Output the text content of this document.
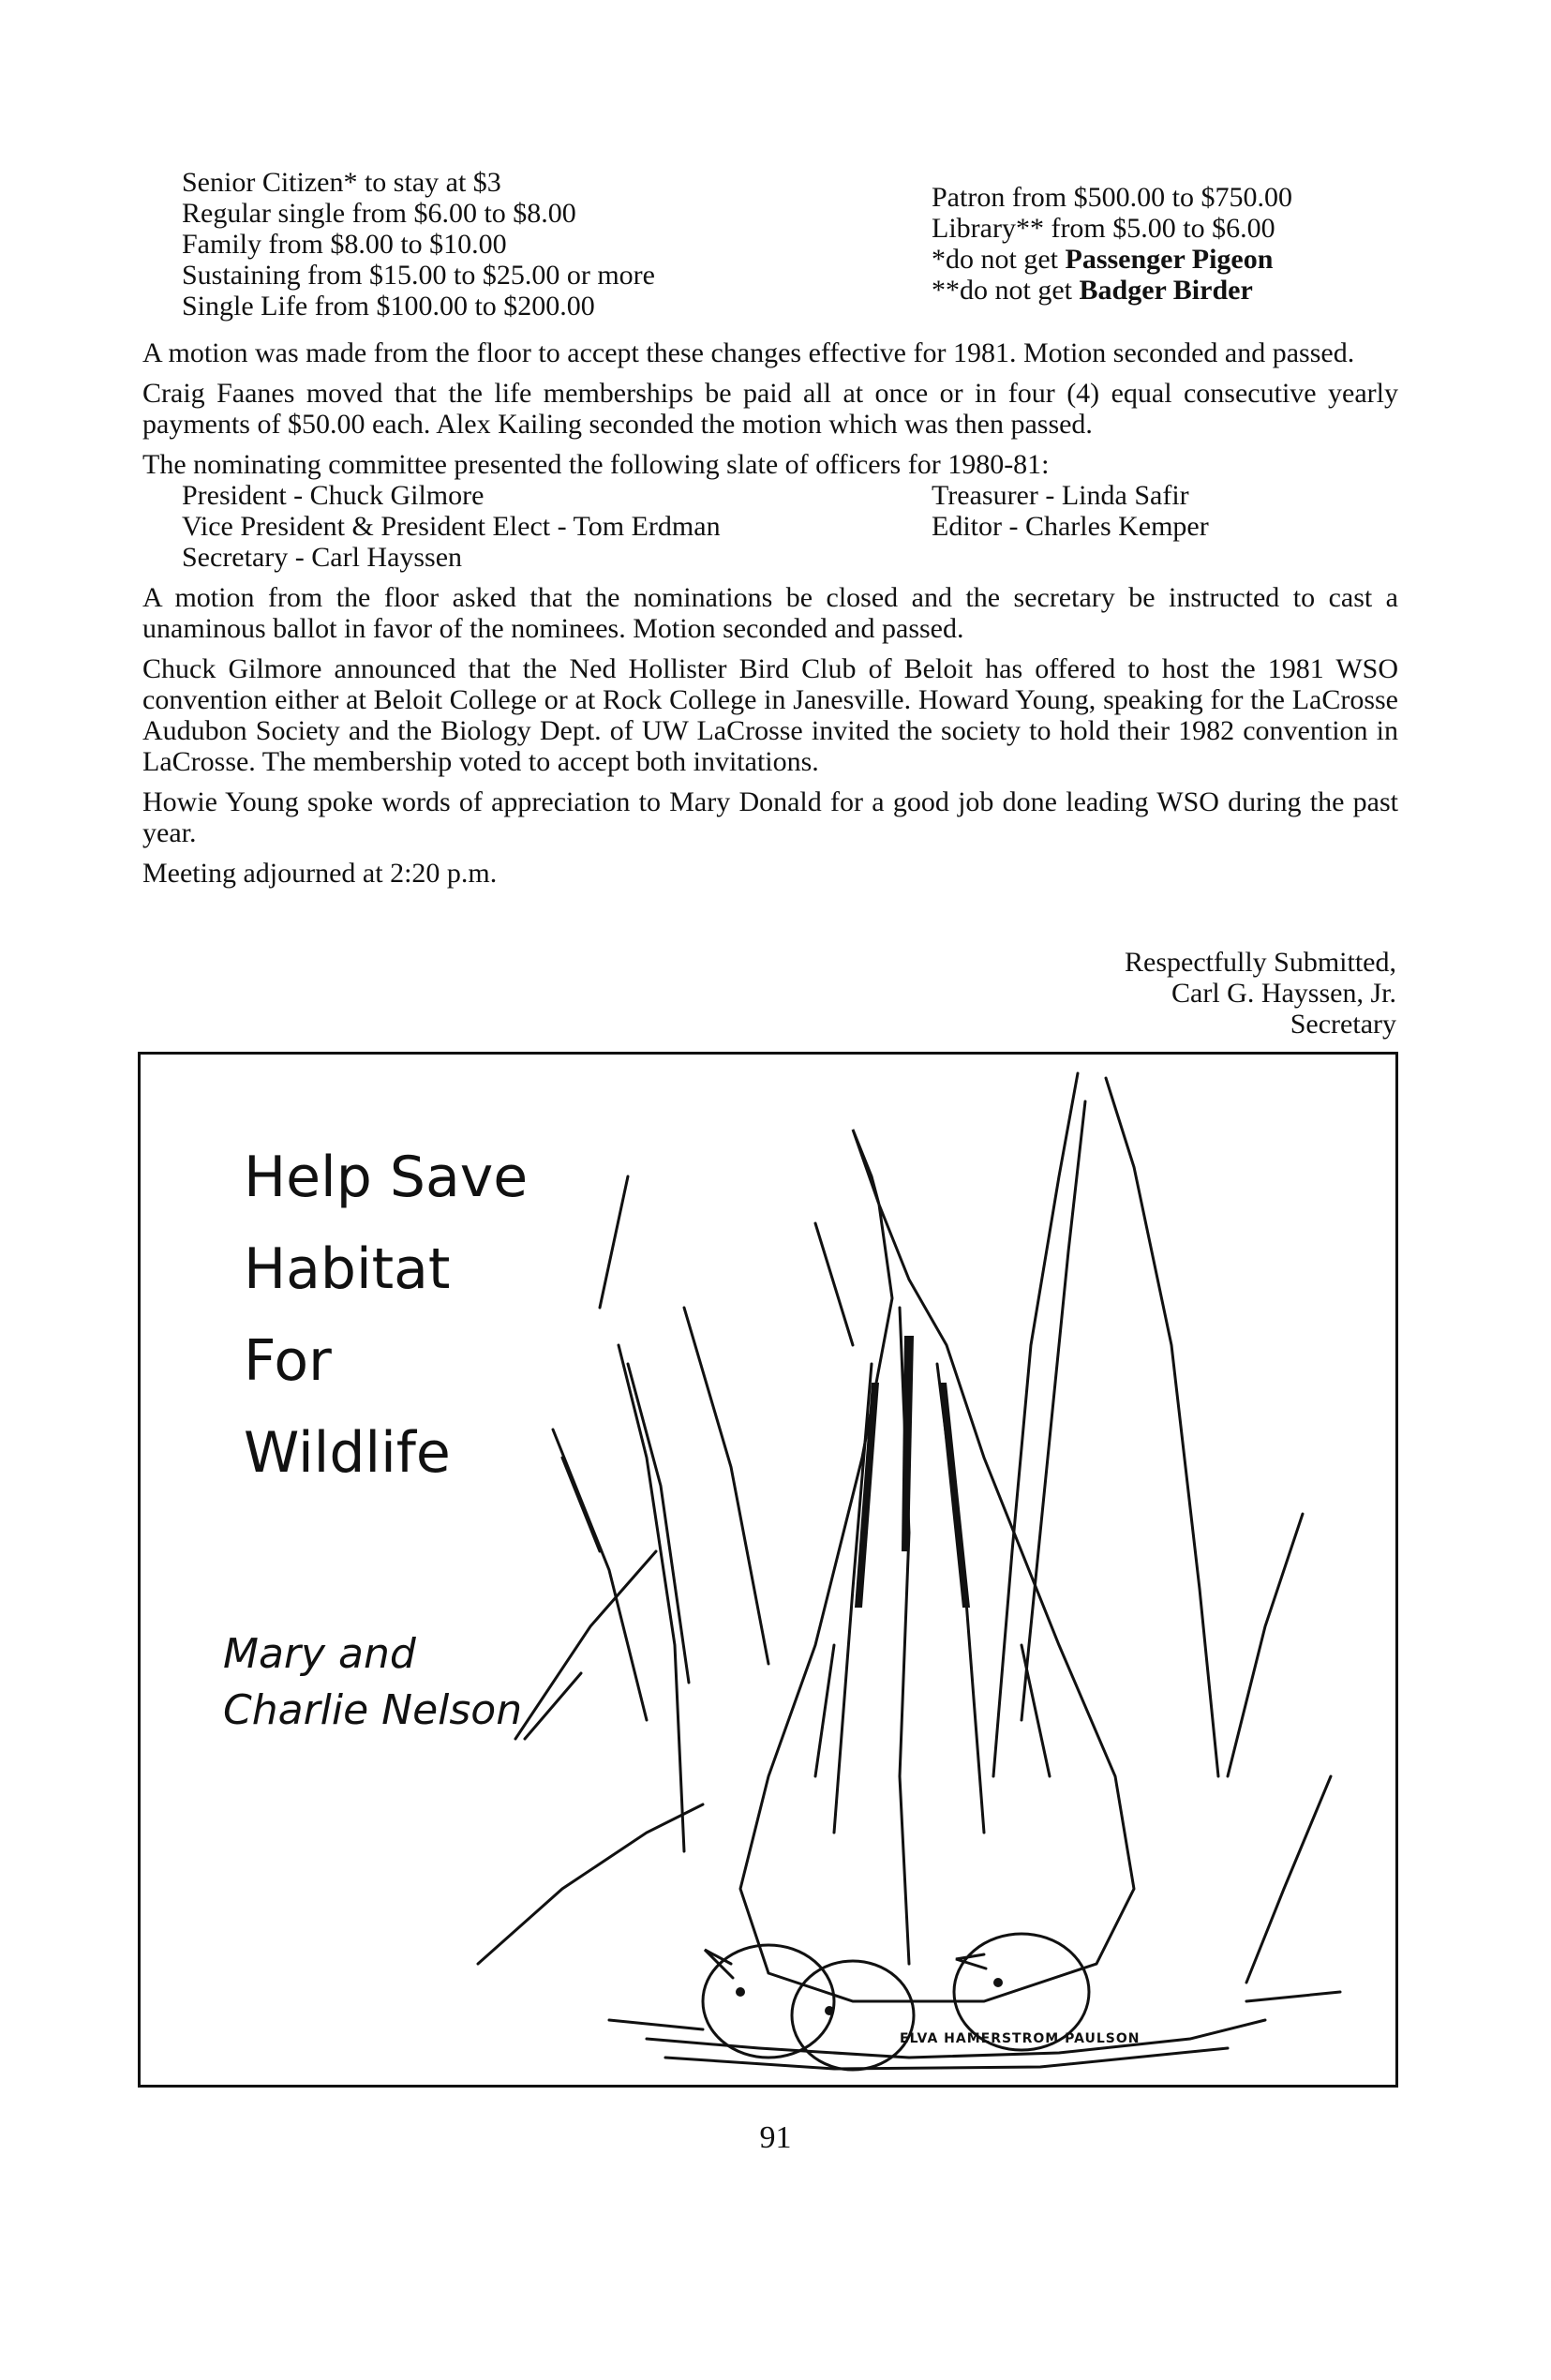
Senior Citizen* to stay at $3
Regular single from $6.00 to $8.00
Family from $8.00 to $10.00
Sustaining from $15.00 to $25.00 or more
Single Life from $100.00 to $200.00
Patron from $500.00 to $750.00
Library** from $5.00 to $6.00
*do not get Passenger Pigeon
**do not get Badger Birder

A motion was made from the floor to accept these changes effective for 1981. Motion seconded and passed.

Craig Faanes moved that the life memberships be paid all at once or in four (4) equal consecutive yearly payments of $50.00 each. Alex Kailing seconded the motion which was then passed.

The nominating committee presented the following slate of officers for 1980-81:

President - Chuck Gilmore
Vice President & President Elect - Tom Erdman
Secretary - Carl Hayssen
Treasurer - Linda Safir
Editor - Charles Kemper

A motion from the floor asked that the nominations be closed and the secretary be instructed to cast a unaminous ballot in favor of the nominees. Motion seconded and passed.

Chuck Gilmore announced that the Ned Hollister Bird Club of Beloit has offered to host the 1981 WSO convention either at Beloit College or at Rock College in Janesville. Howard Young, speaking for the LaCrosse Audubon Society and the Biology Dept. of UW LaCrosse invited the society to hold their 1982 convention in LaCrosse. The membership voted to accept both invitations.

Howie Young spoke words of appreciation to Mary Donald for a good job done leading WSO during the past year.

Meeting adjourned at 2:20 p.m.

Respectfully Submitted,
Carl G. Hayssen, Jr.
Secretary
Help Save
Habitat
For
Wildlife
Mary and
Charlie Nelson
ELVA HAMERSTROM PAULSON
91
